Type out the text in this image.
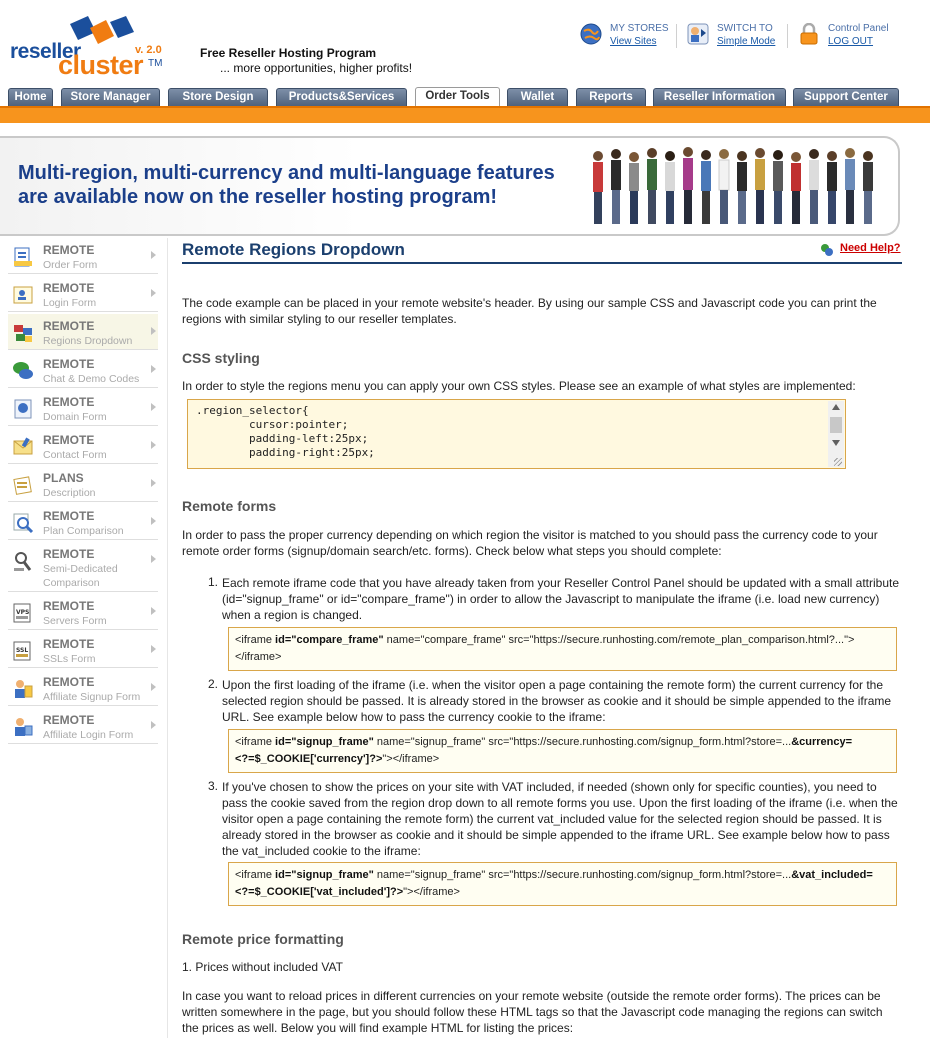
reseller
cluster
v. 2.0
TM
Free Reseller Hosting Program
... more opportunities, higher profits!
MY STORES
View Sites
SWITCH TO
Simple Mode
Control Panel
LOG OUT
Home	Store Manager	Store Design	Products&Services	Order Tools	Wallet	Reports	Reseller Information	Support Center
Multi-region, multi-currency and multi-language features
are available now on the reseller hosting program!
REMOTE
Order Form
REMOTE
Login Form
REMOTE
Regions Dropdown
REMOTE
Chat & Demo Codes
REMOTE
Domain Form
REMOTE
Contact Form
PLANS
Description
REMOTE
Plan Comparison
REMOTE
Semi-Dedicated Comparison
VPS REMOTE
Servers Form
SSL REMOTE
SSLs Form
REMOTE
Affiliate Signup Form
REMOTE
Affiliate Login Form
Remote Regions Dropdown	Need Help?
The code example can be placed in your remote website's header. By using our sample CSS and Javascript code you can print the regions with similar styling to our reseller templates.
CSS styling
In order to style the regions menu you can apply your own CSS styles. Please see an example of what styles are implemented:
.region_selector{
cursor:pointer;
padding-left:25px;
padding-right:25px;
Remote forms
In order to pass the proper currency depending on which region the visitor is matched to you should pass the currency code to your remote order forms (signup/domain search/etc. forms). Check below what steps you should complete:
1. Each remote iframe code that you have already taken from your Reseller Control Panel should be updated with a small attribute (id="signup_frame" or id="compare_frame") in order to allow the Javascript to manipulate the iframe (i.e. load new currency) when a region is changed.
<iframe id="compare_frame" name="compare_frame" src="https://secure.runhosting.com/remote_plan_comparison.html?...">
</iframe>
2. Upon the first loading of the iframe (i.e. when the visitor open a page containing the remote form) the current currency for the selected region should be passed. It is already stored in the browser as cookie and it should be simple appended to the iframe URL. See example below how to pass the currency cookie to the iframe:
<iframe id="signup_frame" name="signup_frame" src="https://secure.runhosting.com/signup_form.html?store=...&currency=
<?=$_COOKIE['currency']?>"></iframe>
3. If you've chosen to show the prices on your site with VAT included, if needed (shown only for specific counties), you need to pass the cookie saved from the region drop down to all remote forms you use. Upon the first loading of the iframe (i.e. when the visitor open a page containing the remote form) the current vat_included value for the selected region should be passed. It is already stored in the browser as cookie and it should be simple appended to the iframe URL. See example below how to pass the vat_included cookie to the iframe:
<iframe id="signup_frame" name="signup_frame" src="https://secure.runhosting.com/signup_form.html?store=...&vat_included=
<?=$_COOKIE['vat_included']?>"></iframe>
Remote price formatting
1. Prices without included VAT
In case you want to reload prices in different currencies on your remote website (outside the remote order forms). The prices can be written somewhere in the page, but you should follow these HTML tags so that the Javascript code managing the regions can switch the prices as well. Below you will find example HTML for listing the prices:
